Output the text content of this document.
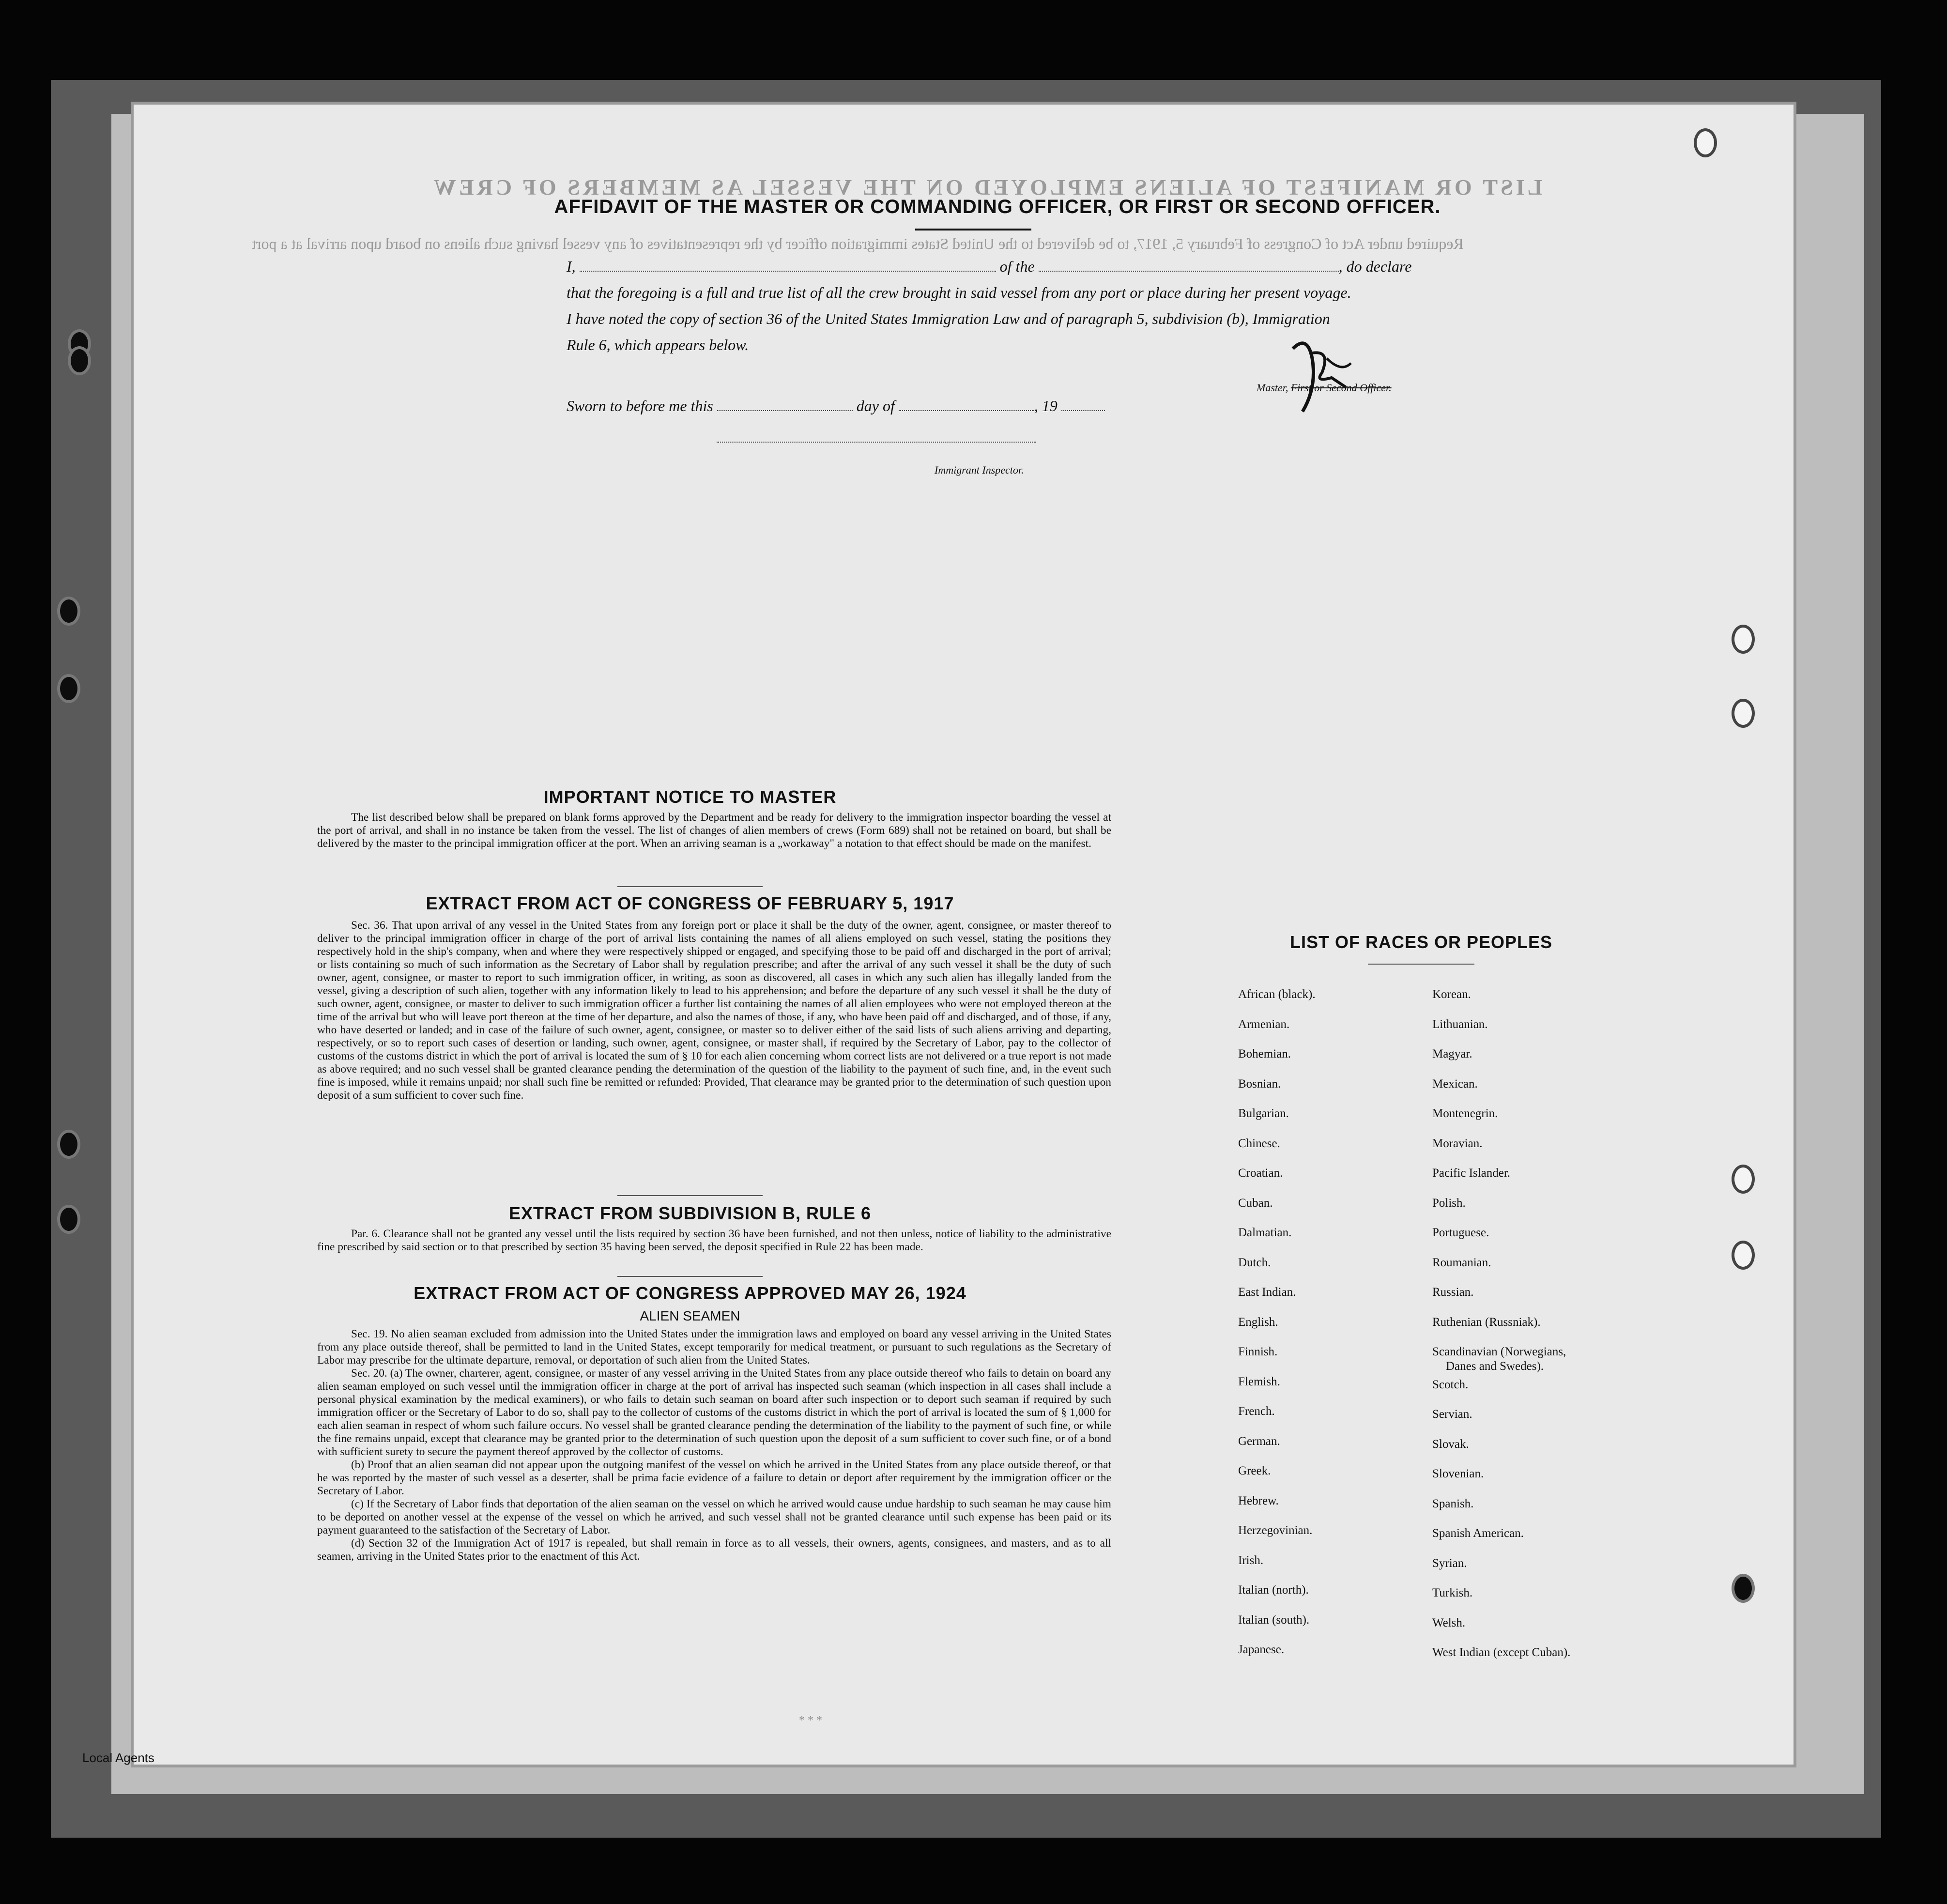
LIST OR MANIFEST OF ALIENS EMPLOYED ON THE VESSEL AS MEMBERS OF CREW
Required under Act of Congress of February 5, 1917, to be delivered to the United States immigration officer by the representatives of any vessel having such aliens on board upon arrival at a port
AFFIDAVIT OF THE MASTER OR COMMANDING OFFICER, OR FIRST OR SECOND OFFICER.
I,	of the	, do declare
that the foregoing is a full and true list of all the crew brought in said vessel from any port or place during her present voyage.
I have noted the copy of section 36 of the United States Immigration Law and of paragraph 5, subdivision (b), Immigration
Rule 6, which appears below.
Master, First or Second Officer.
Sworn to before me this	day of	, 19
Immigrant Inspector.
IMPORTANT NOTICE TO MASTER

The list described below shall be prepared on blank forms approved by the Department and be ready for delivery to the immigration inspector boarding the vessel at the port of arrival, and shall in no instance be taken from the vessel. The list of changes of alien members of crews (Form 689) shall not be retained on board, but shall be delivered by the master to the principal immigration officer at the port. When an arriving seaman is a „workaway" a notation to that effect should be made on the manifest.

EXTRACT FROM ACT OF CONGRESS OF FEBRUARY 5, 1917

Sec. 36. That upon arrival of any vessel in the United States from any foreign port or place it shall be the duty of the owner, agent, consignee, or master thereof to deliver to the principal immigration officer in charge of the port of arrival lists containing the names of all aliens employed on such vessel, stating the positions they respectively hold in the ship's company, when and where they were respectively shipped or engaged, and specifying those to be paid off and discharged in the port of arrival; or lists containing so much of such information as the Secretary of Labor shall by regulation prescribe; and after the arrival of any such vessel it shall be the duty of such owner, agent, consignee, or master to report to such immigration officer, in writing, as soon as discovered, all cases in which any such alien has illegally landed from the vessel, giving a description of such alien, together with any information likely to lead to his apprehension; and before the departure of any such vessel it shall be the duty of such owner, agent, consignee, or master to deliver to such immigration officer a further list containing the names of all alien employees who were not employed thereon at the time of the arrival but who will leave port thereon at the time of her departure, and also the names of those, if any, who have been paid off and discharged, and of those, if any, who have deserted or landed; and in case of the failure of such owner, agent, consignee, or master so to deliver either of the said lists of such aliens arriving and departing, respectively, or so to report such cases of desertion or landing, such owner, agent, consignee, or master shall, if required by the Secretary of Labor, pay to the collector of customs of the customs district in which the port of arrival is located the sum of § 10 for each alien concerning whom correct lists are not delivered or a true report is not made as above required; and no such vessel shall be granted clearance pending the determination of the question of the liability to the payment of such fine, and, in the event such fine is imposed, while it remains unpaid; nor shall such fine be remitted or refunded: Provided, That clearance may be granted prior to the determination of such question upon deposit of a sum sufficient to cover such fine.

EXTRACT FROM SUBDIVISION B, RULE 6

Par. 6. Clearance shall not be granted any vessel until the lists required by section 36 have been furnished, and not then unless, notice of liability to the administrative fine prescribed by said section or to that prescribed by section 35 having been served, the deposit specified in Rule 22 has been made.

EXTRACT FROM ACT OF CONGRESS APPROVED MAY 26, 1924
ALIEN SEAMEN

Sec. 19. No alien seaman excluded from admission into the United States under the immigration laws and employed on board any vessel arriving in the United States from any place outside thereof, shall be permitted to land in the United States, except temporarily for medical treatment, or pursuant to such regulations as the Secretary of Labor may prescribe for the ultimate departure, removal, or deportation of such alien from the United States.

Sec. 20. (a) The owner, charterer, agent, consignee, or master of any vessel arriving in the United States from any place outside thereof who fails to detain on board any alien seaman employed on such vessel until the immigration officer in charge at the port of arrival has inspected such seaman (which inspection in all cases shall include a personal physical examination by the medical examiners), or who fails to detain such seaman on board after such inspection or to deport such seaman if required by such immigration officer or the Secretary of Labor to do so, shall pay to the collector of customs of the customs district in which the port of arrival is located the sum of § 1,000 for each alien seaman in respect of whom such failure occurs. No vessel shall be granted clearance pending the determination of the liability to the payment of such fine, or while the fine remains unpaid, except that clearance may be granted prior to the determination of such question upon the deposit of a sum sufficient to cover such fine, or of a bond with sufficient surety to secure the payment thereof approved by the collector of customs.

(b) Proof that an alien seaman did not appear upon the outgoing manifest of the vessel on which he arrived in the United States from any place outside thereof, or that he was reported by the master of such vessel as a deserter, shall be prima facie evidence of a failure to detain or deport after requirement by the immigration officer or the Secretary of Labor.

(c) If the Secretary of Labor finds that deportation of the alien seaman on the vessel on which he arrived would cause undue hardship to such seaman he may cause him to be deported on another vessel at the expense of the vessel on which he arrived, and such vessel shall not be granted clearance until such expense has been paid or its payment guaranteed to the satisfaction of the Secretary of Labor.

(d) Section 32 of the Immigration Act of 1917 is repealed, but shall remain in force as to all vessels, their owners, agents, consignees, and masters, and as to all seamen, arriving in the United States prior to the enactment of this Act.

LIST OF RACES OR PEOPLES
African (black).
Armenian.
Bohemian.
Bosnian.
Bulgarian.
Chinese.
Croatian.
Cuban.
Dalmatian.
Dutch.
East Indian.
English.
Finnish.
Flemish.
French.
German.
Greek.
Hebrew.
Herzegovinian.
Irish.
Italian (north).
Italian (south).
Japanese.
Korean.
Lithuanian.
Magyar.
Mexican.
Montenegrin.
Moravian.
Pacific Islander.
Polish.
Portuguese.
Roumanian.
Russian.
Ruthenian (Russniak).
Scandinavian (Norwegians,
Danes and Swedes).
Scotch.
Servian.
Slovak.
Slovenian.
Spanish.
Spanish American.
Syrian.
Turkish.
Welsh.
West Indian (except Cuban).
* * *
Local Agents
